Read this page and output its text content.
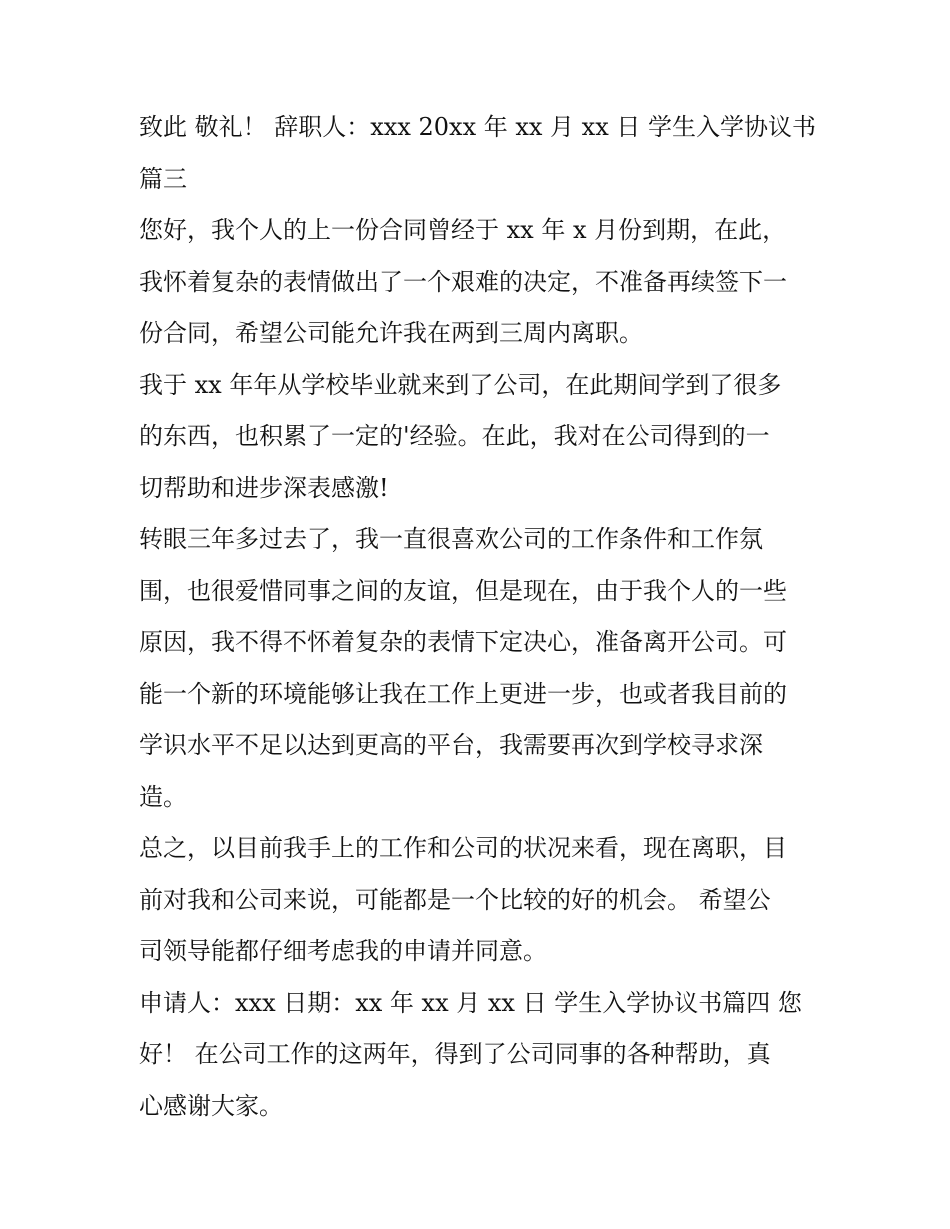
致此 敬礼！ 辞职人：xxx 20xx 年 xx 月 xx 日 学生入学协议书
篇三
您好，我个人的上一份合同曾经于 xx 年 x 月份到期，在此，
我怀着复杂的表情做出了一个艰难的决定，不准备再续签下一
份合同，希望公司能允许我在两到三周内离职。
我于 xx 年年从学校毕业就来到了公司，在此期间学到了很多
的东西，也积累了一定的'经验。在此，我对在公司得到的一
切帮助和进步深表感激!
转眼三年多过去了，我一直很喜欢公司的工作条件和工作氛
围，也很爱惜同事之间的友谊，但是现在，由于我个人的一些
原因，我不得不怀着复杂的表情下定决心，准备离开公司。可
能一个新的环境能够让我在工作上更进一步，也或者我目前的
学识水平不足以达到更高的平台，我需要再次到学校寻求深
造。
总之，以目前我手上的工作和公司的状况来看，现在离职，目
前对我和公司来说，可能都是一个比较的好的机会。 希望公
司领导能都仔细考虑我的申请并同意。
申请人：xxx 日期：xx 年 xx 月 xx 日 学生入学协议书篇四 您
好！ 在公司工作的这两年，得到了公司同事的各种帮助，真
心感谢大家。
